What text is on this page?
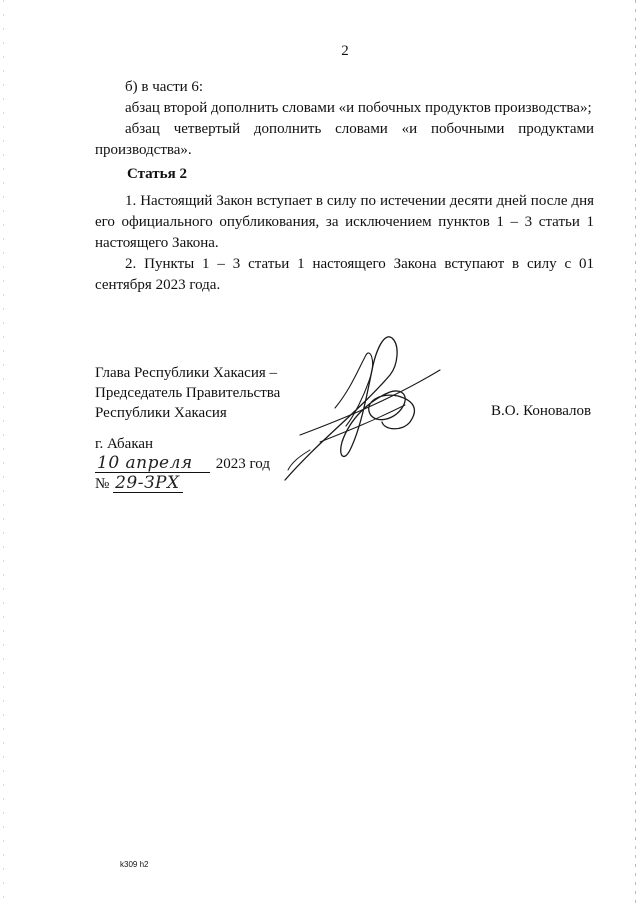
2

б) в части 6:

абзац второй дополнить словами «и побочных продуктов производства»;

абзац четвертый дополнить словами «и побочными продуктами производства».

Статья 2

1. Настоящий Закон вступает в силу по истечении десяти дней после дня его официального опубликования, за исключением пунктов 1 – 3 статьи 1 настоящего Закона.

2. Пункты 1 – 3 статьи 1 настоящего Закона вступают в силу с 01 сентября 2023 года.

Глава Республики Хакасия –
Председатель Правительства
Республики Хакасия	В.О. Коновалов
г. Абакан
10 апреля 2023 год
№ 29-ЗРХ
k309 h2
